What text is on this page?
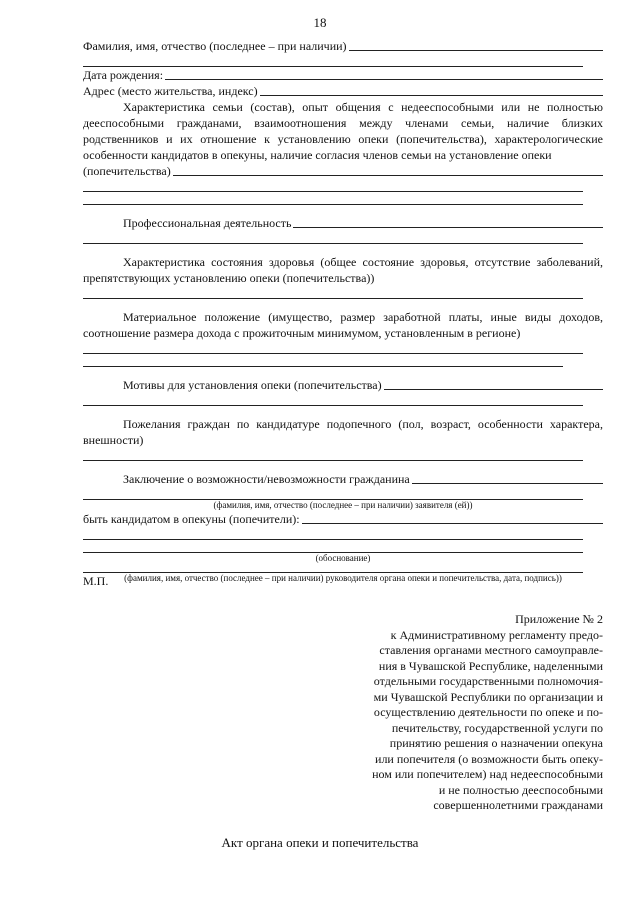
18
Фамилия, имя, отчество (последнее – при наличии)
Дата рождения:
Адрес (место жительства, индекс)
Характеристика семьи (состав), опыт общения с недееспособными или не полностью дееспособными гражданами, взаимоотношения между членами семьи, наличие близких родственников и их отношение к установлению опеки (попечительства), характерологические особенности кандидатов в опекуны, наличие согласия членов семьи на установление опеки
(попечительства)
Профессиональная деятельность
Характеристика состояния здоровья (общее состояние здоровья, отсутствие заболеваний, препятствующих установлению опеки (попечительства))
Материальное положение (имущество, размер заработной платы, иные виды доходов, соотношение размера дохода с прожиточным минимумом, установленным в регионе)
Мотивы для установления опеки (попечительства)
Пожелания граждан по кандидатуре подопечного (пол, возраст, особенности характера, внешности)
Заключение о возможности/невозможности гражданина
(фамилия, имя, отчество (последнее – при наличии) заявителя (ей))
быть кандидатом в опекуны (попечители):
(обоснование)
(фамилия, имя, отчество (последнее – при наличии) руководителя органа опеки и попечительства, дата, подпись))
М.П.
Приложение № 2
к Административному регламенту предо-
ставления органами местного самоуправле-
ния в Чувашской Республике, наделенными
отдельными государственными полномочия-
ми Чувашской Республики по организации и
осуществлению деятельности по опеке и по-
печительству, государственной услуги по
принятию решения о назначении опекуна
или попечителя (о возможности быть опеку-
ном или попечителем) над недееспособными
и не полностью дееспособными
совершеннолетними гражданами
Акт органа опеки и попечительства
